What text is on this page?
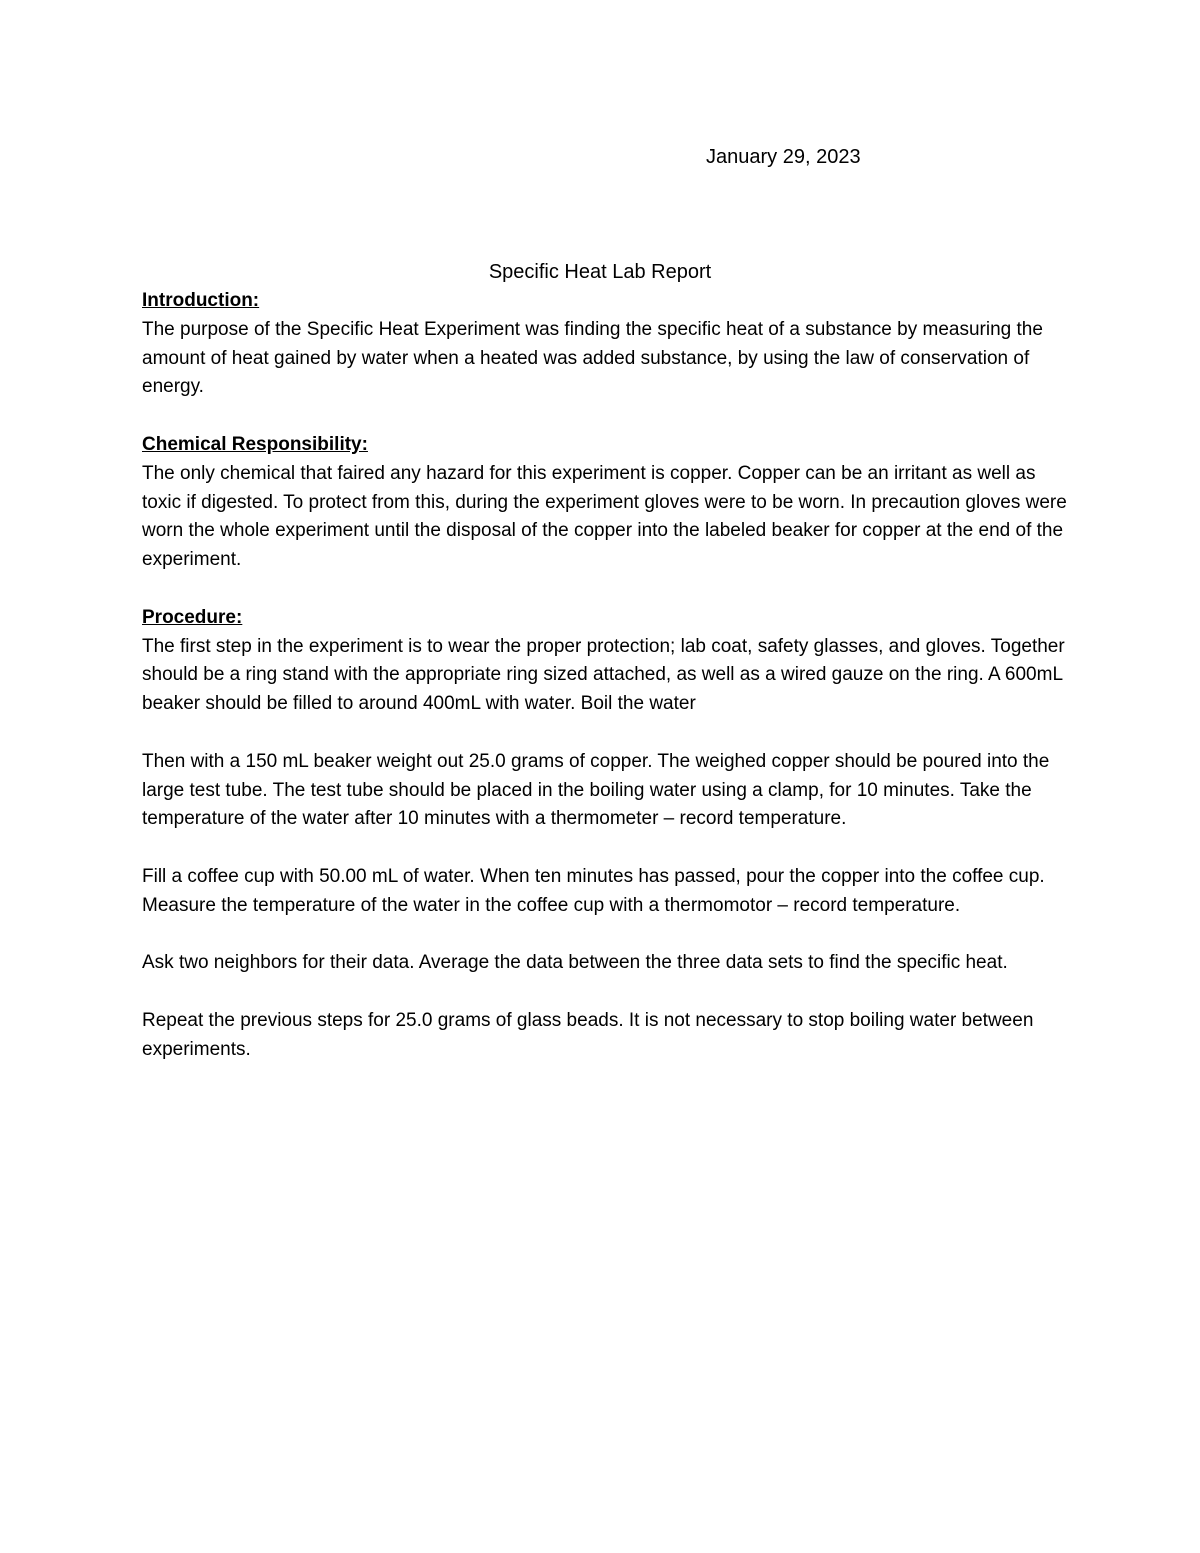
January 29, 2023
Specific Heat Lab Report

Introduction:

The purpose of the Specific Heat Experiment was finding the specific heat of a substance by measuring the amount of heat gained by water when a heated was added substance, by using the law of conservation of energy.

Chemical Responsibility:

The only chemical that faired any hazard for this experiment is copper. Copper can be an irritant as well as toxic if digested. To protect from this, during the experiment gloves were to be worn. In precaution gloves were worn the whole experiment until the disposal of the copper into the labeled beaker for copper at the end of the experiment.

Procedure:

The first step in the experiment is to wear the proper protection; lab coat, safety glasses, and gloves. Together should be a ring stand with the appropriate ring sized attached, as well as a wired gauze on the ring. A 600mL beaker should be filled to around 400mL with water. Boil the water

Then with a 150 mL beaker weight out 25.0 grams of copper. The weighed copper should be poured into the large test tube. The test tube should be placed in the boiling water using a clamp, for 10 minutes. Take the temperature of the water after 10 minutes with a thermometer – record temperature.

Fill a coffee cup with 50.00 mL of water. When ten minutes has passed, pour the copper into the coffee cup. Measure the temperature of the water in the coffee cup with a thermomotor – record temperature.

Ask two neighbors for their data. Average the data between the three data sets to find the specific heat.

Repeat the previous steps for 25.0 grams of glass beads. It is not necessary to stop boiling water between experiments.
